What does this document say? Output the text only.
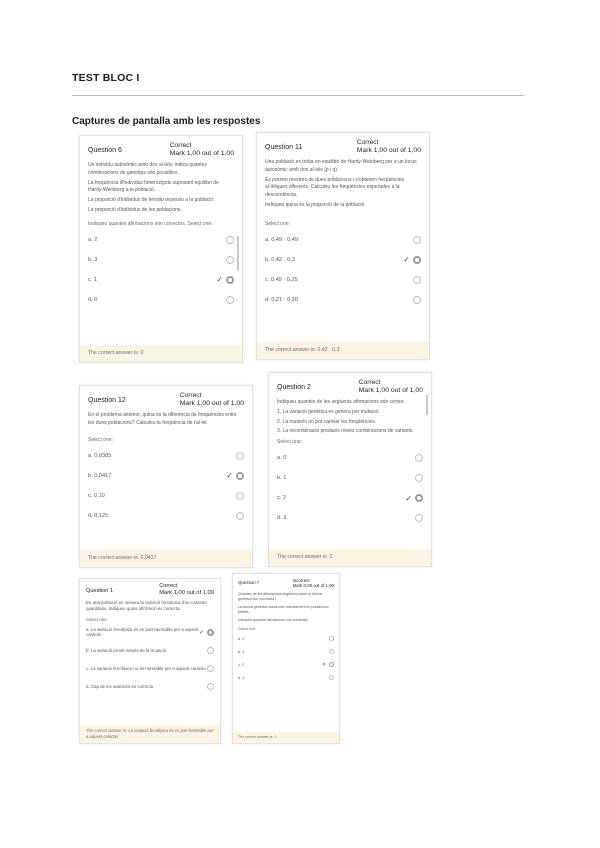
TEST BLOC I
Captures de pantalla amb les respostes
Question 6
Correct
Mark 1,00 out of 1,00

Un individu autosòmic amb dos al·lels; indica quantes combinacions de genotips són possibles.

La freqüència d'individus heterozigots suposant equilibri de Hardy-Weinberg a la població.

La proporció d'individus de fenotip recessiu a la població.

La proporció d'individus de les poblacions.

Indiqueu quantes afirmacions són correctes. Select one:
a. 2
b. 3
c. 1	✓
d. 0
The correct answer is: 0
Question 11
Correct
Mark 1,00 out of 1,00

Una població es troba en equilibri de Hardy-Weinberg per a un locus autosòmic amb dos al·lels (p i q).

Es prenen mostres de dues poblacions i s'obtenen freqüències al·lèliques diferents. Calculeu les freqüències esperades a la descendència.

Indiqueu quina és la proporció de la població.

Select one:
a. 0,49 · 0,49
b. 0,42 · 0,3	✓
c. 0,49 · 0,25
d. 0,21 · 0,20
The correct answer is: 0,42 · 0,3
Question 12
Correct
Mark 1,00 out of 1,00

En el problema anterior, quina és la diferència de freqüències entre les dues poblacions? Calculeu la freqüència de l'al·lel.

Select one:
a. 0,0385
b. 0,0417	✓
c. 0,10
d. 0,125
The correct answer is: 0,0417
Question 2
Correct
Mark 1,00 out of 1,00

Indiqueu quantes de les següents afirmacions són certes:

1. La variació genètica es genera per mutació.

2. La mutació no pot canviar les freqüències.

3. La recombinació produeix noves combinacions de variants.

Select one:
a. 0
b. 1
c. 2	✓
d. 3
The correct answer is: 2
Question 1
Correct
Mark 1,00 out of 1,00

En una població es mesura la variació fenotípica d'un caràcter quantitatiu. Indiqueu quina afirmació és correcta.

Select one:
a. La variació fenotípica és en part heretable per a aquest caràcter	✓
b. La variació prové només de la mutació
c. La variació fenotípica no és heretable per a aquest caràcter
d. Cap de les anteriors és correcta
The correct answer is: La variació fenotípica és en part heretable per a aquest caràcter
Question 7	Incorrect
Mark 0,00 out of 1,00

Quantes de les afirmacions següents sobre la deriva genètica són correctes?

La deriva genètica actua més intensament en poblacions petites.

Indiqueu quantes afirmacions són correctes.

Select one:
a. 0
b. 1
c. 2	✕
d. 3
The correct answer is: 2
